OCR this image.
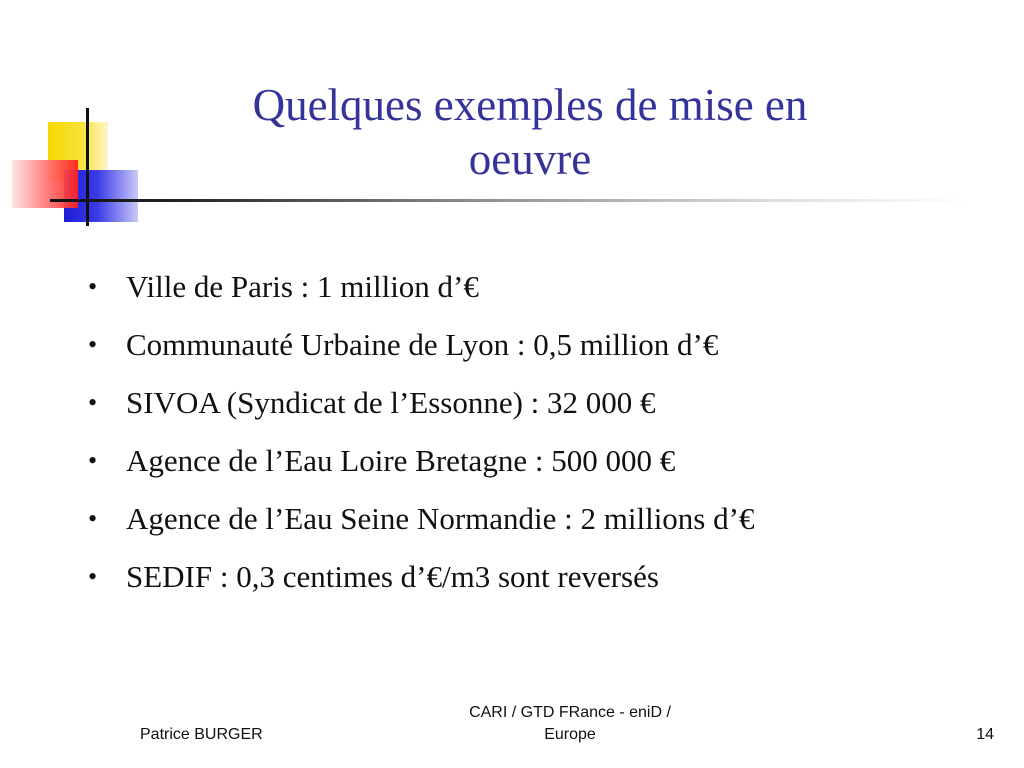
Quelques exemples de mise en
oeuvre
• Ville de Paris : 1 million d’€
• Communauté Urbaine de Lyon : 0,5 million d’€
• SIVOA (Syndicat de l’Essonne) : 32 000 €
• Agence de l’Eau Loire Bretagne : 500 000 €
• Agence de l’Eau Seine Normandie : 2 millions d’€
• SEDIF : 0,3 centimes d’€/m3 sont reversés
Patrice BURGER
CARI / GTD FRance - eniD /
Europe	14
